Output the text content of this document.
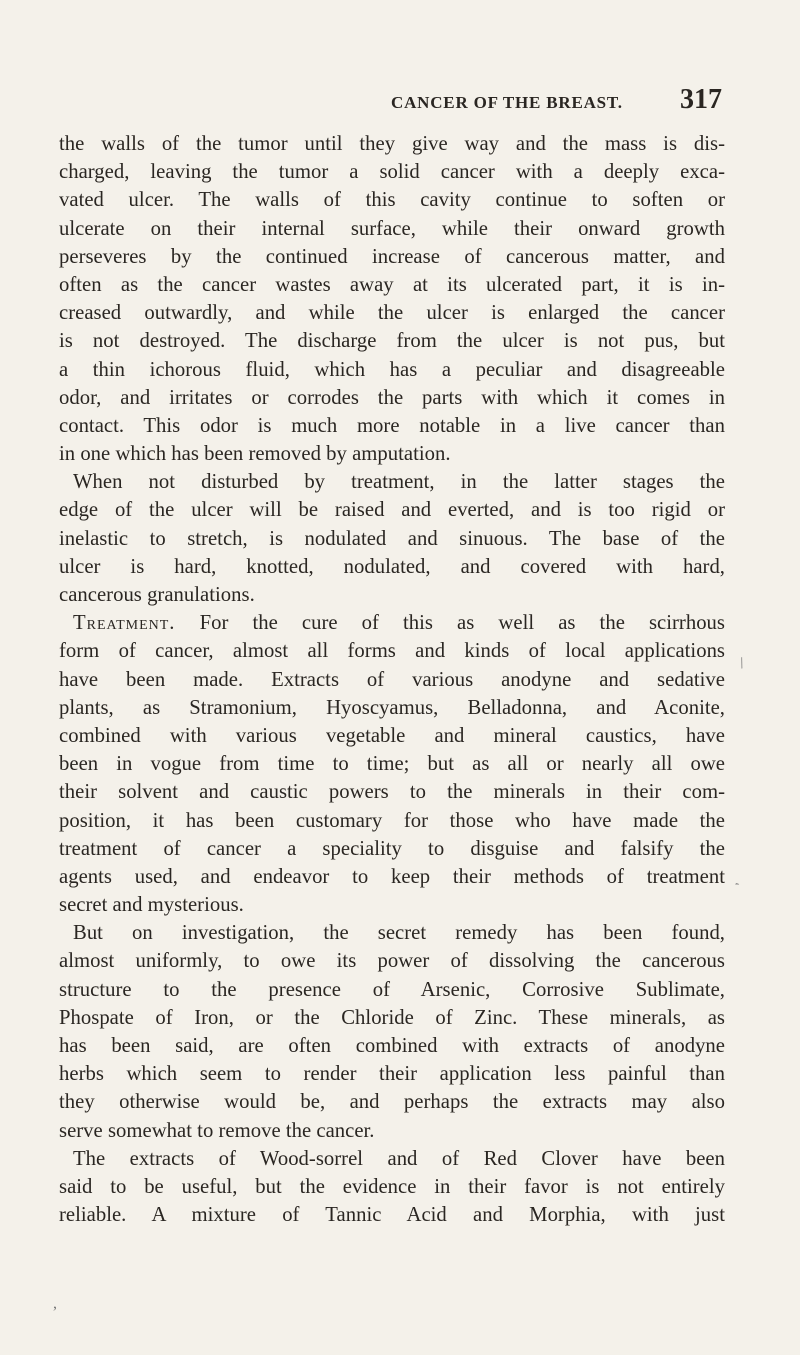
CANCER OF THE BREAST. 317
the walls of the tumor until they give way and the mass is dis-
charged, leaving the tumor a solid cancer with a deeply exca-
vated ulcer. The walls of this cavity continue to soften or
ulcerate on their internal surface, while their onward growth
perseveres by the continued increase of cancerous matter, and
often as the cancer wastes away at its ulcerated part, it is in-
creased outwardly, and while the ulcer is enlarged the cancer
is not destroyed. The discharge from the ulcer is not pus, but
a thin ichorous fluid, which has a peculiar and disagreeable
odor, and irritates or corrodes the parts with which it comes in
contact. This odor is much more notable in a live cancer than
in one which has been removed by amputation.
When not disturbed by treatment, in the latter stages the
edge of the ulcer will be raised and everted, and is too rigid or
inelastic to stretch, is nodulated and sinuous. The base of the
ulcer is hard, knotted, nodulated, and covered with hard,
cancerous granulations.
Treatment. For the cure of this as well as the scirrhous
form of cancer, almost all forms and kinds of local applications
have been made. Extracts of various anodyne and sedative
plants, as Stramonium, Hyoscyamus, Belladonna, and Aconite,
combined with various vegetable and mineral caustics, have
been in vogue from time to time; but as all or nearly all owe
their solvent and caustic powers to the minerals in their com-
position, it has been customary for those who have made the
treatment of cancer a speciality to disguise and falsify the
agents used, and endeavor to keep their methods of treatment
secret and mysterious.
But on investigation, the secret remedy has been found,
almost uniformly, to owe its power of dissolving the cancerous
structure to the presence of Arsenic, Corrosive Sublimate,
Phospate of Iron, or the Chloride of Zinc. These minerals, as
has been said, are often combined with extracts of anodyne
herbs which seem to render their application less painful than
they otherwise would be, and perhaps the extracts may also
serve somewhat to remove the cancer.
The extracts of Wood-sorrel and of Red Clover have been
said to be useful, but the evidence in their favor is not entirely
reliable. A mixture of Tannic Acid and Morphia, with just
/
`
,
